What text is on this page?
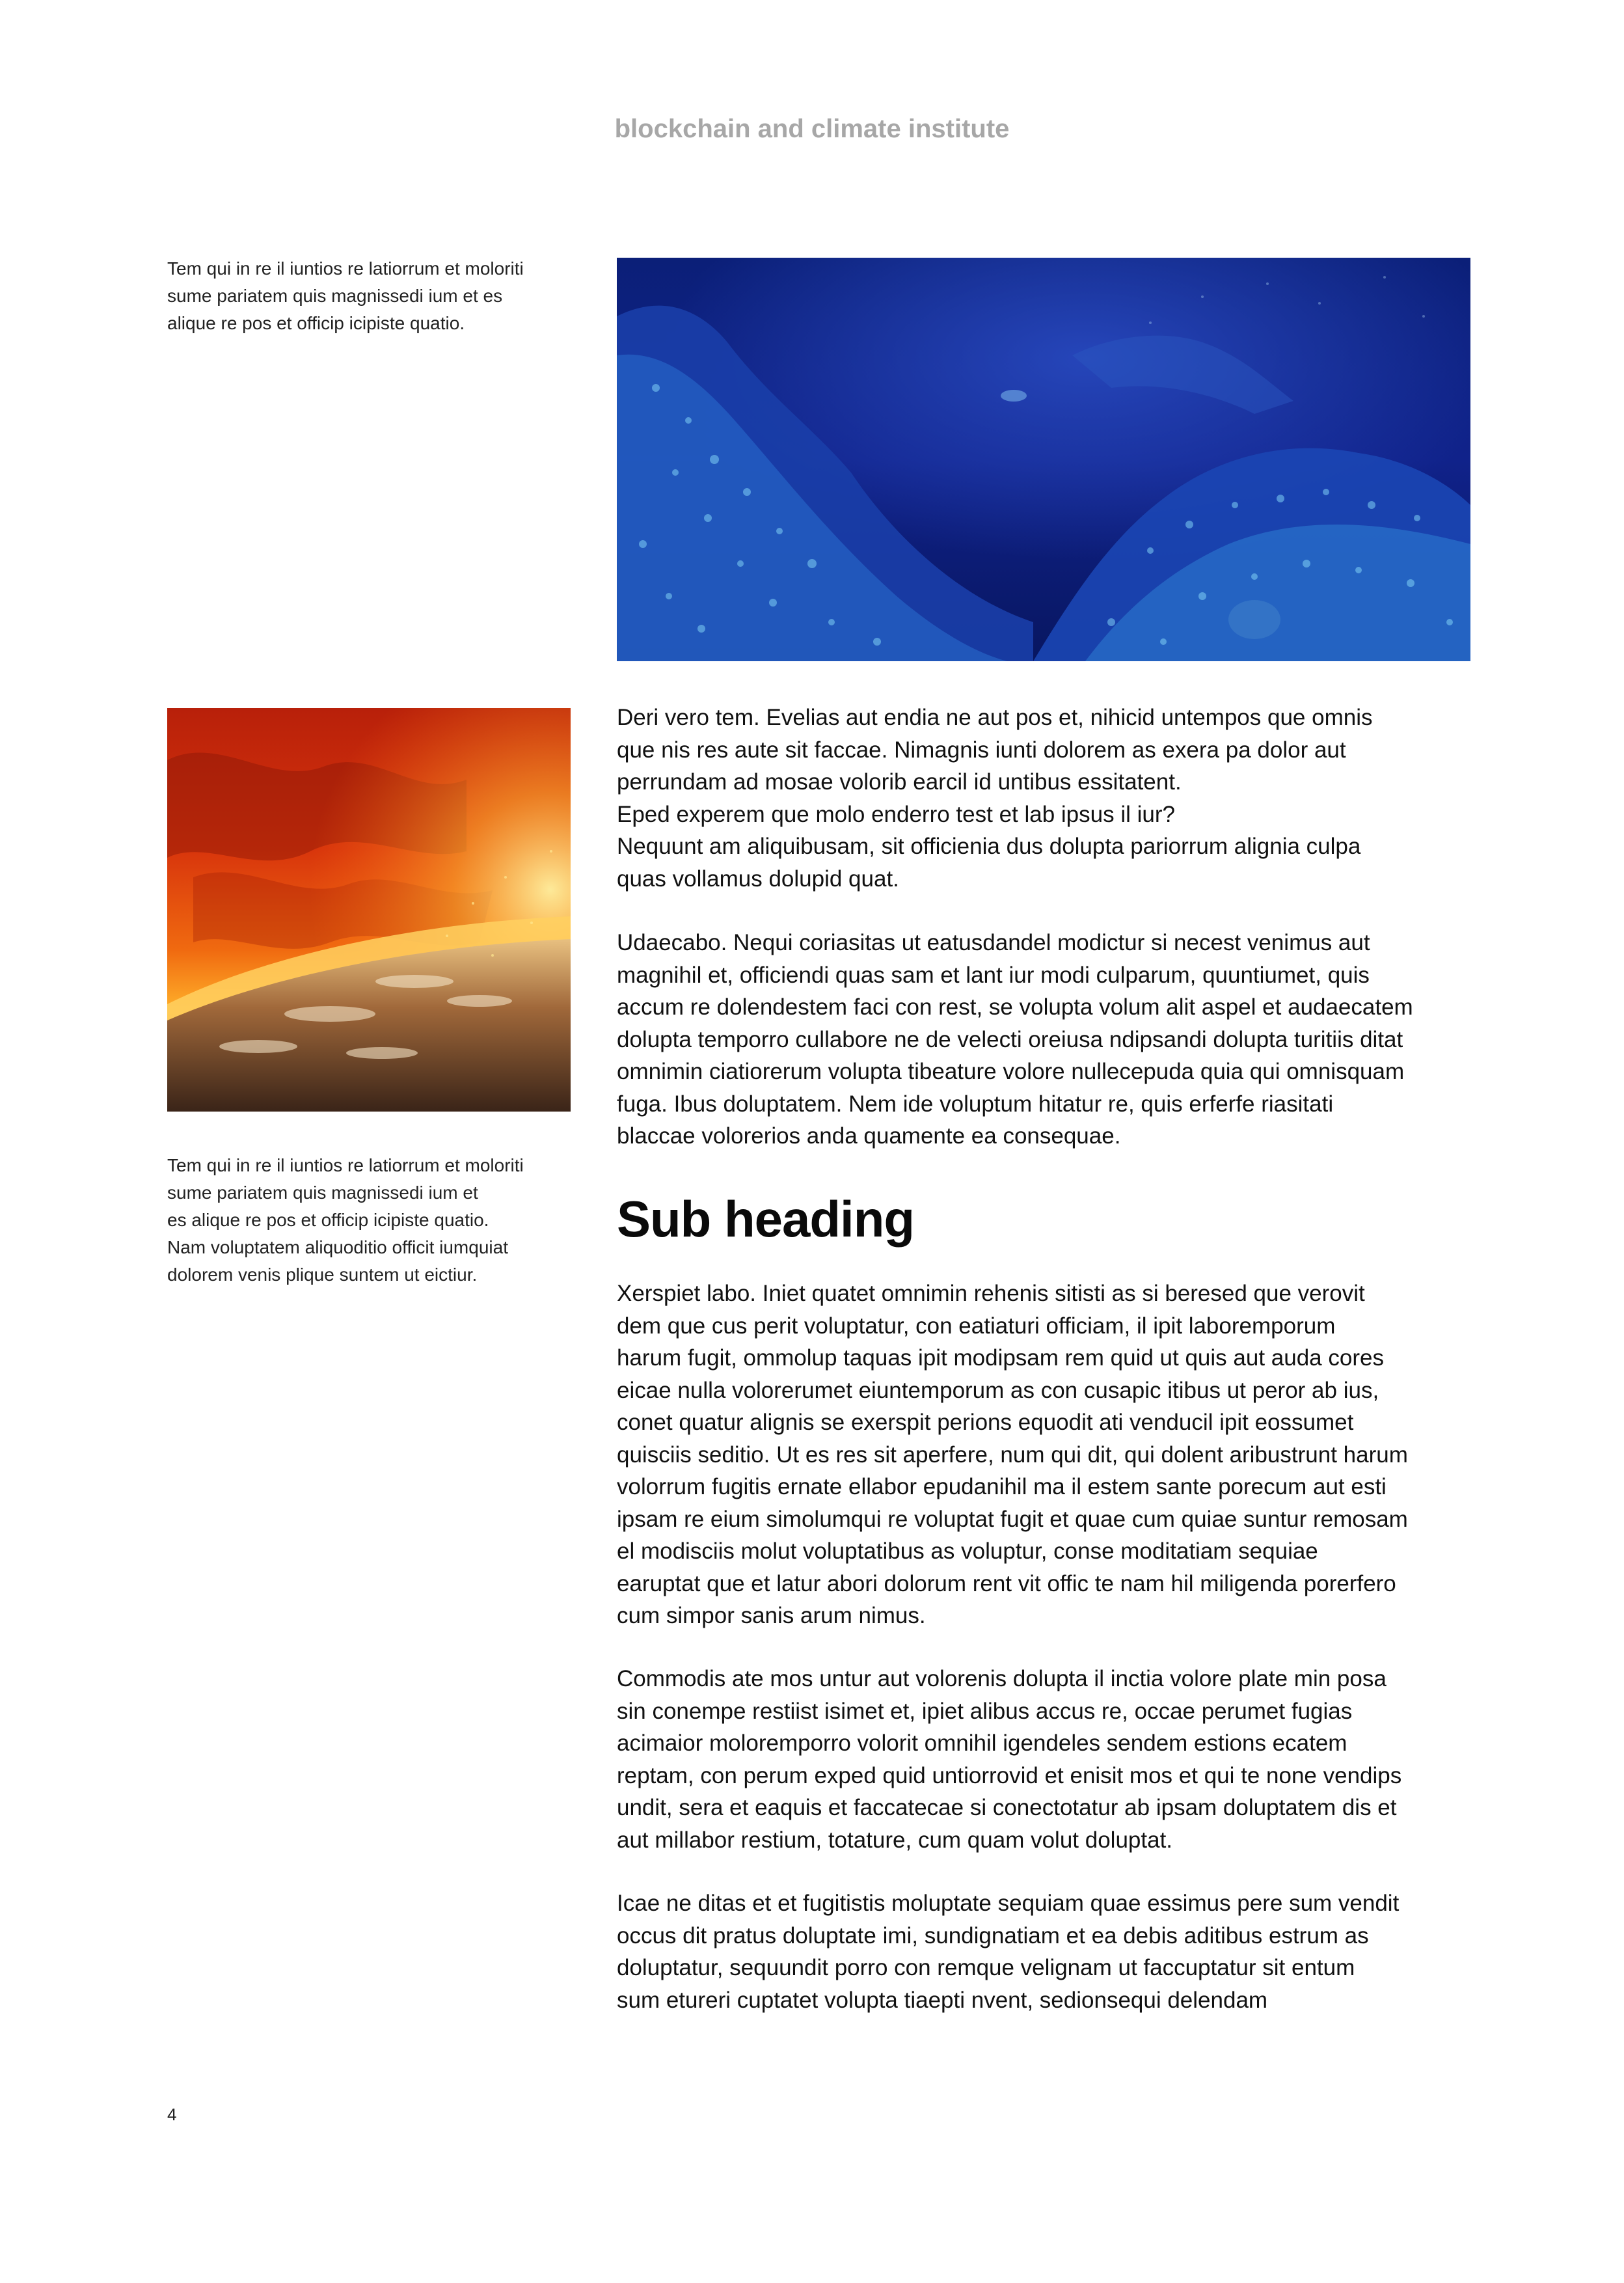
blockchain and climate institute

Tem qui in re il iuntios re latiorrum et moloriti
sume pariatem quis magnissedi ium et es
alique re pos et officip icipiste quatio.

Tem qui in re il iuntios re latiorrum et moloriti
sume pariatem quis magnissedi ium et
es alique re pos et officip icipiste quatio.
Nam voluptatem aliquoditio officit iumquiat
dolorem venis plique suntem ut eictiur.

Deri vero tem. Evelias aut endia ne aut pos et, nihicid untempos que omnis
que nis res aute sit faccae. Nimagnis iunti dolorem as exera pa dolor aut
perrundam ad mosae volorib earcil id untibus essitatent.
Eped experem que molo enderro test et lab ipsus il iur?
Nequunt am aliquibusam, sit officienia dus dolupta pariorrum alignia culpa
quas vollamus dolupid quat.

Udaecabo. Nequi coriasitas ut eatusdandel modictur si necest venimus aut
magnihil et, officiendi quas sam et lant iur modi culparum, quuntiumet, quis
accum re dolendestem faci con rest, se volupta volum alit aspel et audaecatem
dolupta temporro cullabore ne de velecti oreiusa ndipsandi dolupta turitiis ditat
omnimin ciatiorerum volupta tibeature volore nullecepuda quia qui omnisquam
fuga. Ibus doluptatem. Nem ide voluptum hitatur re, quis erferfe riasitati
blaccae volorerios anda quamente ea consequae.

Sub heading

Xerspiet labo. Iniet quatet omnimin rehenis sitisti as si beresed que verovit
dem que cus perit voluptatur, con eatiaturi officiam, il ipit laboremporum
harum fugit, ommolup taquas ipit modipsam rem quid ut quis aut auda cores
eicae nulla volorerumet eiuntemporum as con cusapic itibus ut peror ab ius,
conet quatur alignis se exerspit perions equodit ati venducil ipit eossumet
quisciis seditio. Ut es res sit aperfere, num qui dit, qui dolent aribustrunt harum
volorrum fugitis ernate ellabor epudanihil ma il estem sante porecum aut esti
ipsam re eium simolumqui re voluptat fugit et quae cum quiae suntur remosam
el modisciis molut voluptatibus as voluptur, conse moditatiam sequiae
earuptat que et latur abori dolorum rent vit offic te nam hil miligenda porerfero
cum simpor sanis arum nimus.

Commodis ate mos untur aut volorenis dolupta il inctia volore plate min posa
sin conempe restiist isimet et, ipiet alibus accus re, occae perumet fugias
acimaior moloremporro volorit omnihil igendeles sendem estions ecatem
reptam, con perum exped quid untiorrovid et enisit mos et qui te none vendips
undit, sera et eaquis et faccatecae si conectotatur ab ipsam doluptatem dis et
aut millabor restium, totature, cum quam volut doluptat.

Icae ne ditas et et fugitistis moluptate sequiam quae essimus pere sum vendit
occus dit pratus doluptate imi, sundignatiam et ea debis aditibus estrum as
doluptatur, sequundit porro con remque velignam ut faccuptatur sit entum
sum etureri cuptatet volupta tiaepti nvent, sedionsequi delendam

4
